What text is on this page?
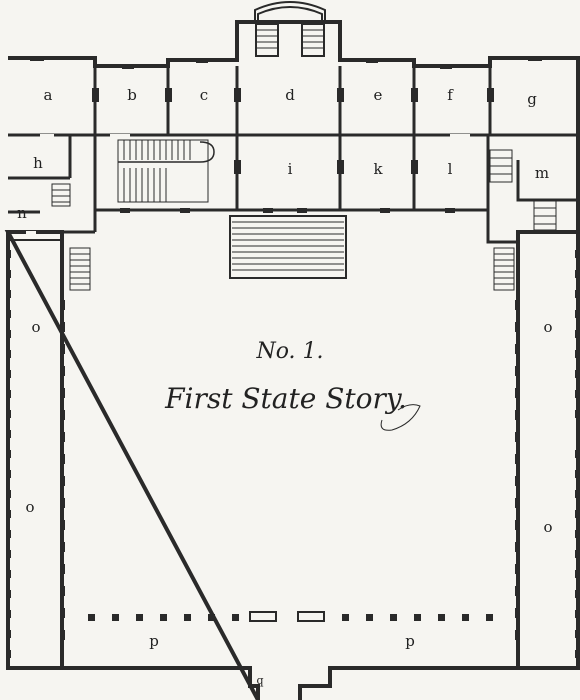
a	b	c	d	e	f	g
h	i	k	l	m
n
o
o
o
o
p	p
q
No. 1.
First State Story.
